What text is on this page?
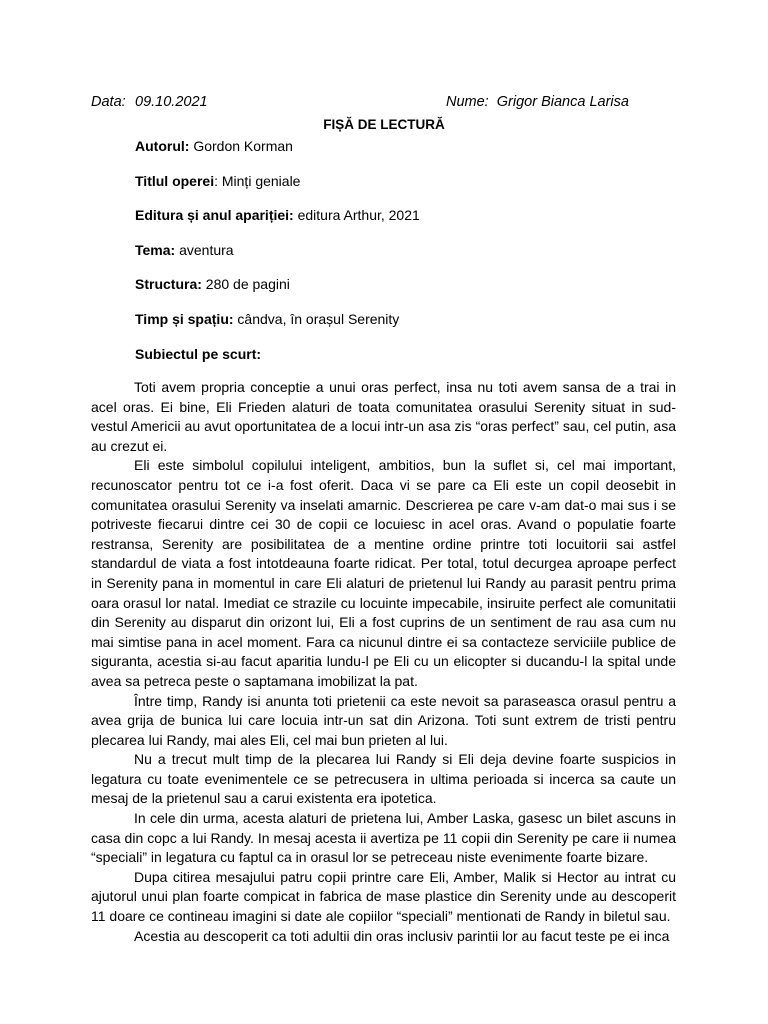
Data: 09.10.2021	Nume: Grigor Bianca Larisa
FIȘĂ DE LECTURĂ
Autorul: Gordon Korman
Titlul operei: Minți geniale
Editura și anul apariției: editura Arthur, 2021
Tema: aventura
Structura: 280 de pagini
Timp și spațiu: cândva, în orașul Serenity
Subiectul pe scurt:

Toti avem propria conceptie a unui oras perfect, insa nu toti avem sansa de a trai in acel oras. Ei bine, Eli Frieden alaturi de toata comunitatea orasului Serenity situat in sud-vestul Americii au avut oportunitatea de a locui intr-un asa zis “oras perfect” sau, cel putin, asa au crezut ei.

Eli este simbolul copilului inteligent, ambitios, bun la suflet si, cel mai important, recunoscator pentru tot ce i-a fost oferit. Daca vi se pare ca Eli este un copil deosebit in comunitatea orasului Serenity va inselati amarnic. Descrierea pe care v-am dat-o mai sus i se potriveste fiecarui dintre cei 30 de copii ce locuiesc in acel oras. Avand o populatie foarte restransa, Serenity are posibilitatea de a mentine ordine printre toti locuitorii sai astfel standardul de viata a fost intotdeauna foarte ridicat. Per total, totul decurgea aproape perfect in Serenity pana in momentul in care Eli alaturi de prietenul lui Randy au parasit pentru prima oara orasul lor natal. Imediat ce strazile cu locuinte impecabile, insiruite perfect ale comunitatii din Serenity au disparut din orizont lui, Eli a fost cuprins de un sentiment de rau asa cum nu mai simtise pana in acel moment. Fara ca nicunul dintre ei sa contacteze serviciile publice de siguranta, acestia si-au facut aparitia lundu-l pe Eli cu un elicopter si ducandu-l la spital unde avea sa petreca peste o saptamana imobilizat la pat.

Între timp, Randy isi anunta toti prietenii ca este nevoit sa paraseasca orasul pentru a avea grija de bunica lui care locuia intr-un sat din Arizona. Toti sunt extrem de tristi pentru plecarea lui Randy, mai ales Eli, cel mai bun prieten al lui.

Nu a trecut mult timp de la plecarea lui Randy si Eli deja devine foarte suspicios in legatura cu toate evenimentele ce se petrecusera in ultima perioada si incerca sa caute un mesaj de la prietenul sau a carui existenta era ipotetica.

In cele din urma, acesta alaturi de prietena lui, Amber Laska, gasesc un bilet ascuns in casa din copc a lui Randy. In mesaj acesta ii avertiza pe 11 copii din Serenity pe care ii numea “speciali” in legatura cu faptul ca in orasul lor se petreceau niste evenimente foarte bizare.

Dupa citirea mesajului patru copii printre care Eli, Amber, Malik si Hector au intrat cu ajutorul unui plan foarte compicat in fabrica de mase plastice din Serenity unde au descoperit 11 doare ce contineau imagini si date ale copiilor “speciali” mentionati de Randy in biletul sau.

Acestia au descoperit ca toti adultii din oras inclusiv parintii lor au facut teste pe ei inca
